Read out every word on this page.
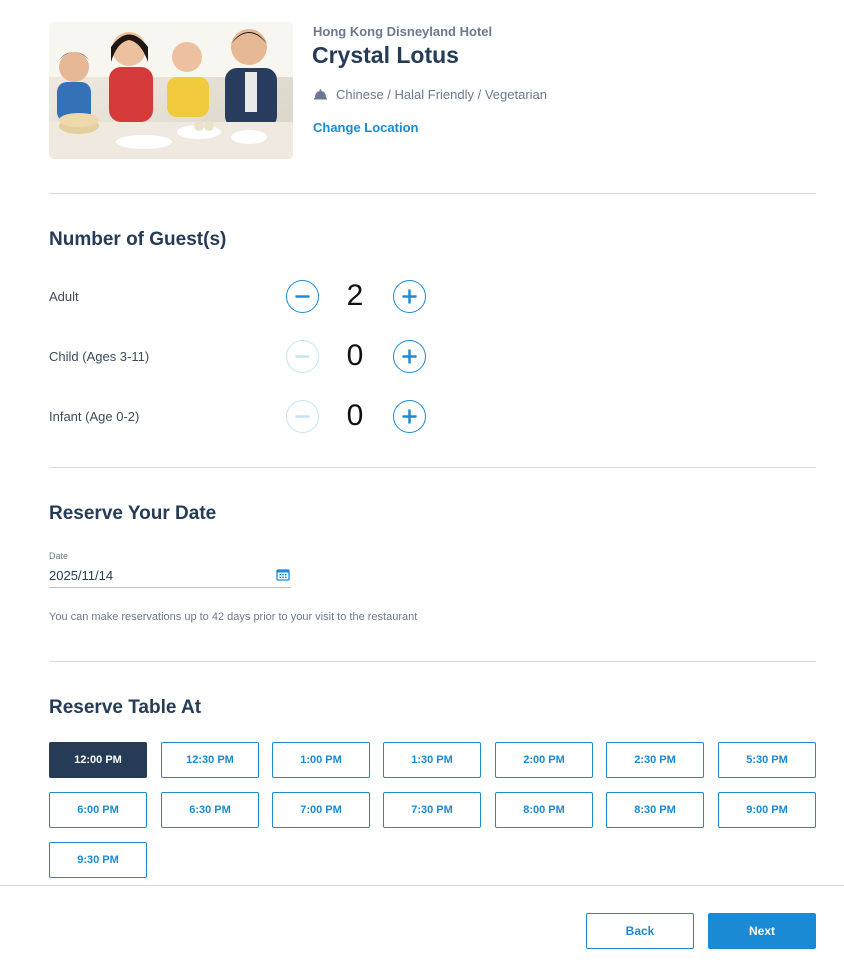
Hong Kong Disneyland Hotel
Crystal Lotus
Chinese / Halal Friendly / Vegetarian
Change Location
Number of Guest(s)
Adult	2
Child (Ages 3-11)	0
Infant (Age 0-2)	0
Reserve Your Date
Date
2025/11/14
You can make reservations up to 42 days prior to your visit to the restaurant
Reserve Table At
12:00 PM	12:30 PM	1:00 PM	1:30 PM	2:00 PM	2:30 PM	5:30 PM
6:00 PM	6:30 PM	7:00 PM	7:30 PM	8:00 PM	8:30 PM	9:00 PM
9:30 PM
Back	Next
